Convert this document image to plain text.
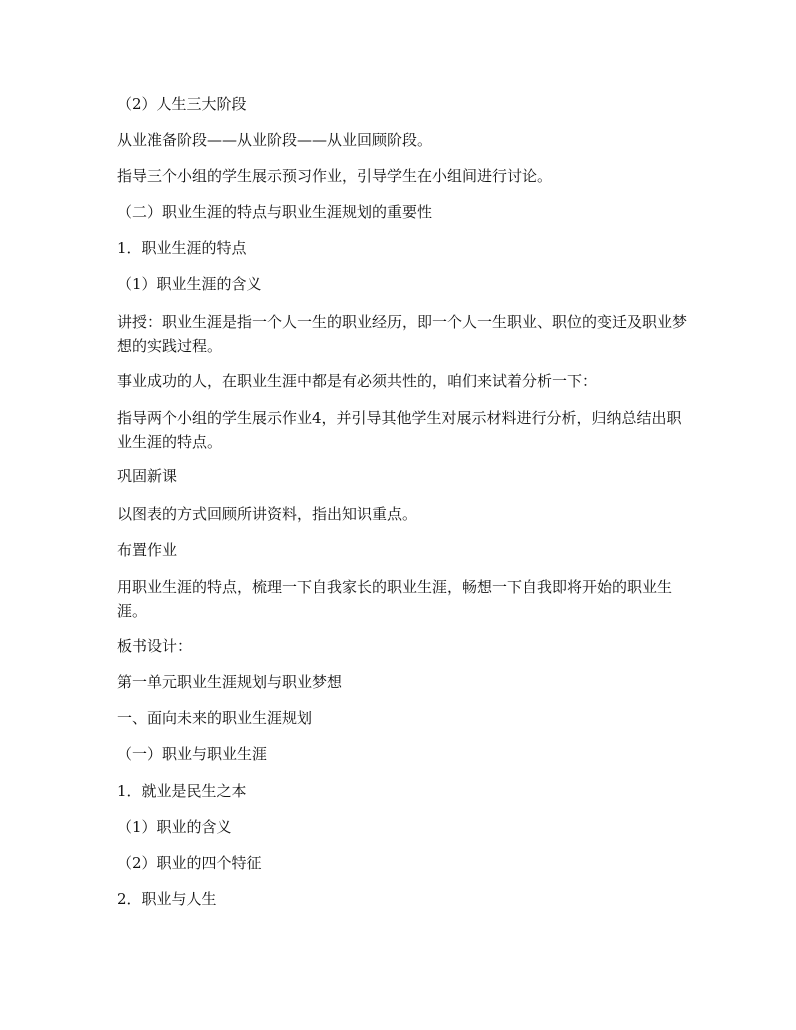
（2）人生三大阶段
从业准备阶段——从业阶段——从业回顾阶段。
指导三个小组的学生展示预习作业，引导学生在小组间进行讨论。
（二）职业生涯的特点与职业生涯规划的重要性
1．职业生涯的特点
（1）职业生涯的含义
讲授：职业生涯是指一个人一生的职业经历，即一个人一生职业、职位的变迁及职业梦想的实践过程。
事业成功的人，在职业生涯中都是有必须共性的，咱们来试着分析一下：
指导两个小组的学生展示作业4，并引导其他学生对展示材料进行分析，归纳总结出职业生涯的特点。
巩固新课
以图表的方式回顾所讲资料，指出知识重点。
布置作业
用职业生涯的特点，梳理一下自我家长的职业生涯，畅想一下自我即将开始的职业生涯。
板书设计：
第一单元职业生涯规划与职业梦想
一、面向未来的职业生涯规划
（一）职业与职业生涯
1．就业是民生之本
（1）职业的含义
（2）职业的四个特征
2．职业与人生
